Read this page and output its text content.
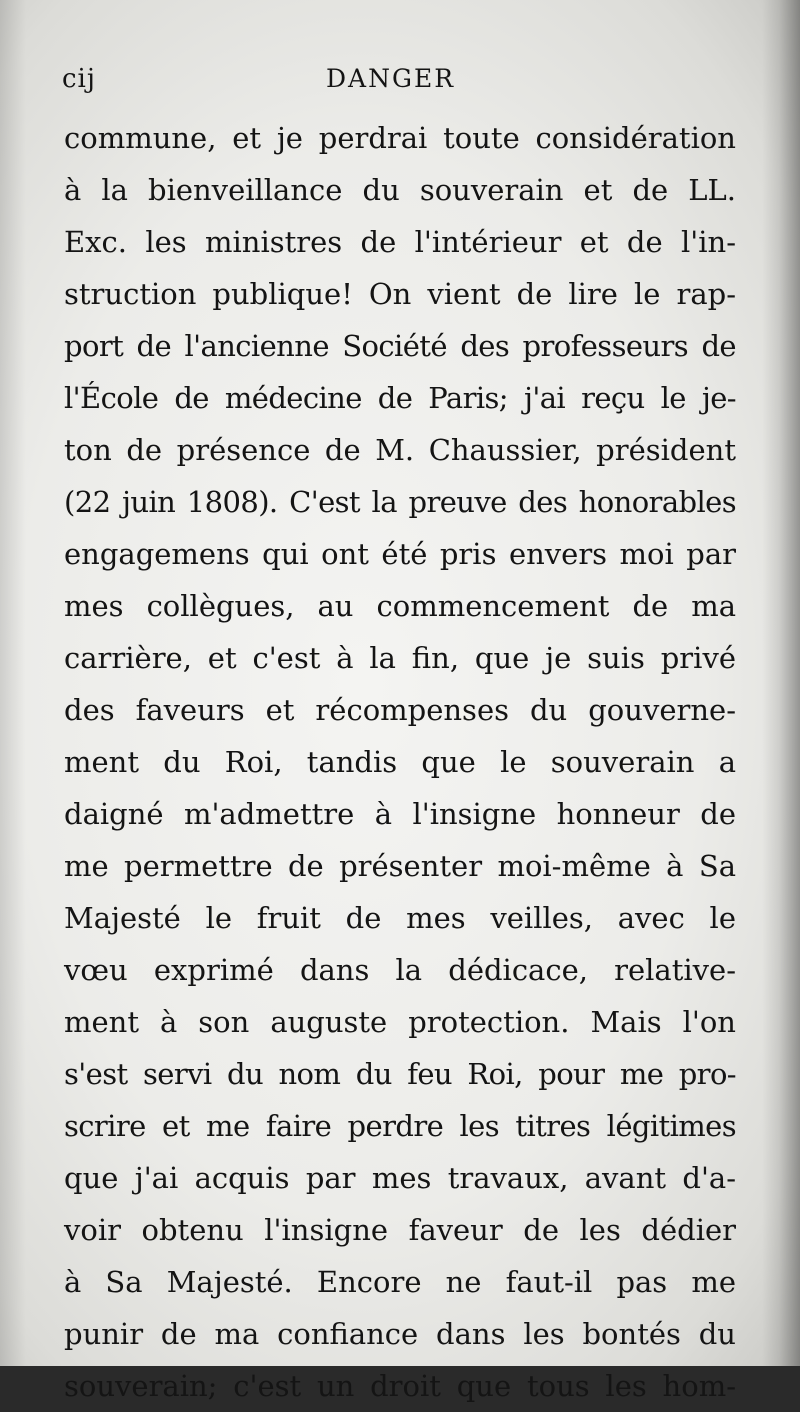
cij	DANGER
commune, et je perdrai toute considération
à la bienveillance du souverain et de LL.
Exc. les ministres de l'intérieur et de l'in-
struction publique! On vient de lire le rap-
port de l'ancienne Société des professeurs de
l'École de médecine de Paris; j'ai reçu le je-
ton de présence de M. Chaussier, président
(22 juin 1808). C'est la preuve des honorables
engagemens qui ont été pris envers moi par
mes collègues, au commencement de ma
carrière, et c'est à la fin, que je suis privé
des faveurs et récompenses du gouverne-
ment du Roi, tandis que le souverain a
daigné m'admettre à l'insigne honneur de
me permettre de présenter moi-même à Sa
Majesté le fruit de mes veilles, avec le
vœu exprimé dans la dédicace, relative-
ment à son auguste protection. Mais l'on
s'est servi du nom du feu Roi, pour me pro-
scrire et me faire perdre les titres légitimes
que j'ai acquis par mes travaux, avant d'a-
voir obtenu l'insigne faveur de les dédier
à Sa Majesté. Encore ne faut-il pas me
punir de ma confiance dans les bontés du
souverain; c'est un droit que tous les hom-
